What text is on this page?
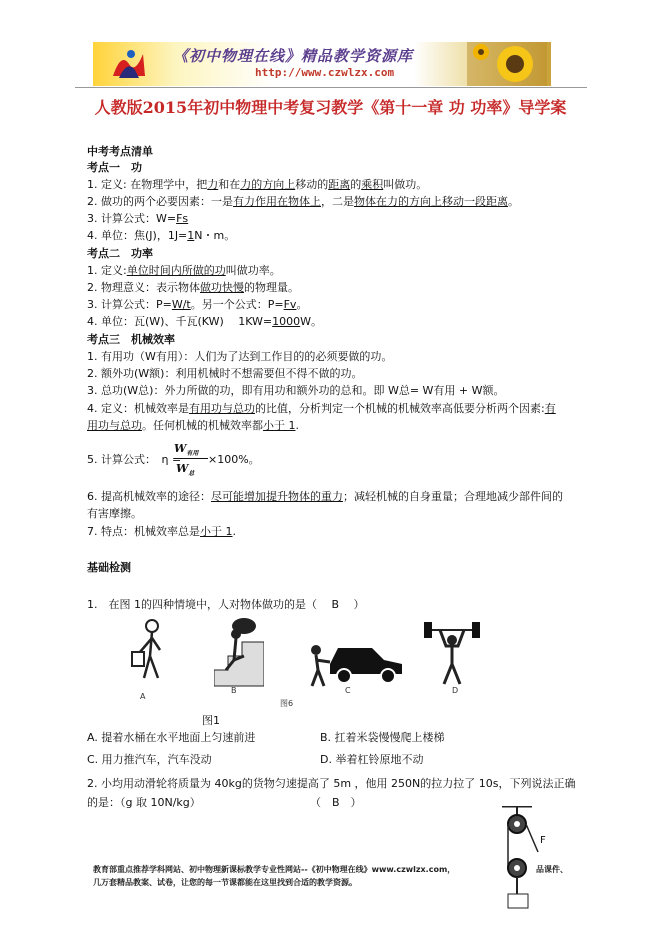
《初中物理在线》精品教学资源库
http://www.czwlzx.com
人教版2015年初中物理中考复习教学《第十一章 功 功率》导学案
中考考点清单
考点一　功
1. 定义: 在物理学中，把力和在力的方向上移动的距离的乘积叫做功。
2. 做功的两个必要因素：一是有力作用在物体上，二是物体在力的方向上移动一段距离。
3. 计算公式：W=Fs
4. 单位：焦(J)，1J=1N・m。
考点二　功率
1. 定义:单位时间内所做的功叫做功率。
2. 物理意义：表示物体做功快慢的物理量。
3. 计算公式：P=W/t。另一个公式：P=Fv。
4. 单位：瓦(W)、千瓦(KW)　 1KW=1000W。
考点三　机械效率
1. 有用功（W有用）：人们为了达到工作目的的必须要做的功。
2. 额外功(W额)：利用机械时不想需要但不得不做的功。
3. 总功(W总)：外力所做的功，即有用功和额外功的总和。即 W总= W有用 + W额。
4. 定义：机械效率是有用功与总功的比值，分析判定一个机械的机械效率高低要分析两个因素:有
用功与总功。任何机械的机械效率都小于 1.
5. 计算公式：　η =
$W_{有用}$
$W_总$
×100%。
6. 提高机械效率的途径：尽可能增加提升物体的重力；减轻机械的自身重量；合理地减少部件间的
有害摩擦。
7. 特点：机械效率总是小于 1.
基础检测
1.　在图 1的四种情境中，人对物体做功的是（　 B　 ）
A
B	C	D
图6
图1
A. 提着水桶在水平地面上匀速前进	B. 扛着米袋慢慢爬上楼梯
C. 用力推汽车，汽车没动	D. 举着杠铃原地不动
2. 小均用动滑轮将质量为 40kg的货物匀速提高了 5m ，他用 250N的拉力拉了 10s，下列说法正确
的是：（g 取 10N/kg）	（　B　）
F
教育部重点推荐学科网站、初中物理新课标教学专业性网站--《初中物理在线》www.czwlzx.com，
几万套精品教案、试卷，让您的每一节课都能在这里找到合适的教学资源。
品课件、
